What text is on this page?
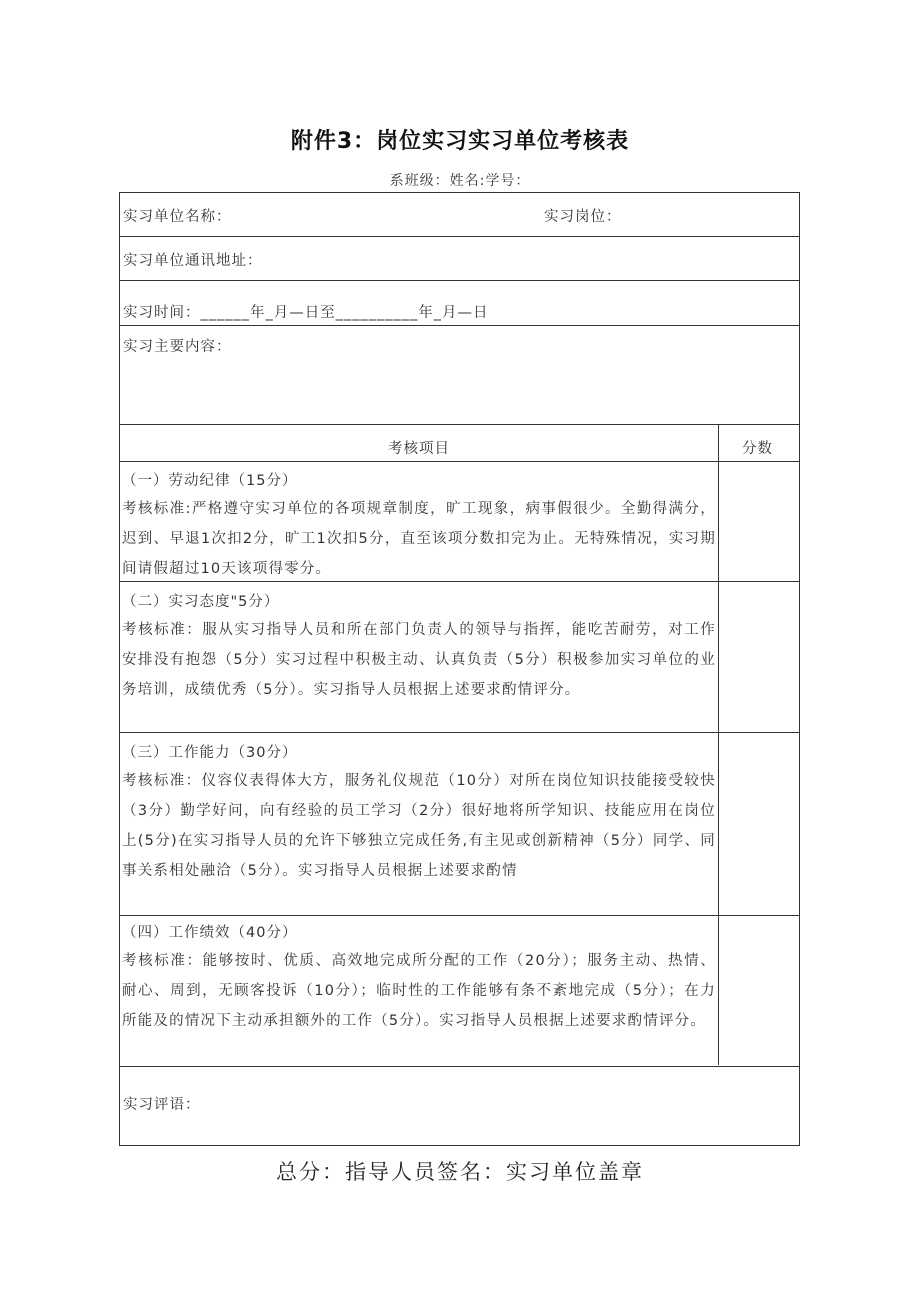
附件3：岗位实习实习单位考核表
系班级：姓名:学号：
实习单位名称：	实习岗位：
实习单位通讯地址：
实习时间：______年_月—日至__________年_月—日
实习主要内容：
考核项目	分数
（一）劳动纪律（15分）
考核标准:严格遵守实习单位的各项规章制度，旷工现象，病事假很少。全勤得满分，迟到、早退1次扣2分，旷工1次扣5分，直至该项分数扣完为止。无特殊情况，实习期间请假超过10天该项得零分。
（二）实习态度"5分）
考核标准：服从实习指导人员和所在部门负责人的领导与指挥，能吃苦耐劳，对工作安排没有抱怨（5分）实习过程中积极主动、认真负责（5分）积极参加实习单位的业务培训，成绩优秀（5分）。实习指导人员根据上述要求酌情评分。
（三）工作能力（30分）
考核标准：仪容仪表得体大方，服务礼仪规范（10分）对所在岗位知识技能接受较快（3分）勤学好问，向有经验的员工学习（2分）很好地将所学知识、技能应用在岗位上(5分)在实习指导人员的允许下够独立完成任务,有主见或创新精神（5分）同学、同事关系相处融洽（5分）。实习指导人员根据上述要求酌情
（四）工作绩效（40分）
考核标准：能够按时、优质、高效地完成所分配的工作（20分）；服务主动、热情、耐心、周到，无顾客投诉（10分）；临时性的工作能够有条不紊地完成（5分）；在力所能及的情况下主动承担额外的工作（5分）。实习指导人员根据上述要求酌情评分。
实习评语：
总分：指导人员签名：实习单位盖章
